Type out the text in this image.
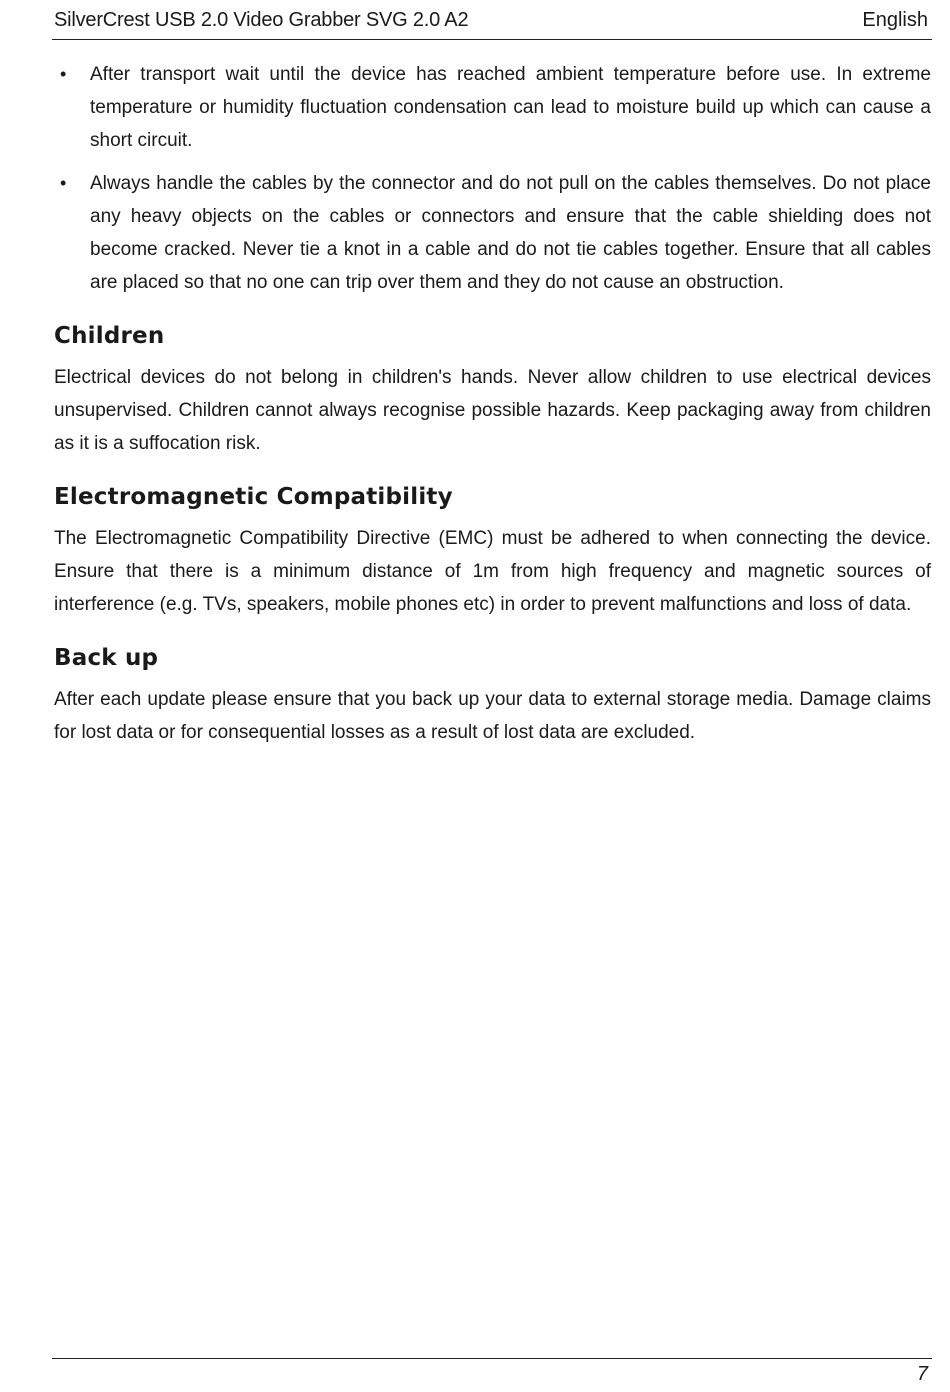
SilverCrest USB 2.0 Video Grabber SVG 2.0 A2	English
• After transport wait until the device has reached ambient temperature before use. In extreme temperature or humidity fluctuation condensation can lead to moisture build up which can cause a short circuit.
• Always handle the cables by the connector and do not pull on the cables themselves. Do not place any heavy objects on the cables or connectors and ensure that the cable shielding does not become cracked. Never tie a knot in a cable and do not tie cables together. Ensure that all cables are placed so that no one can trip over them and they do not cause an obstruction.
Children

Electrical devices do not belong in children's hands. Never allow children to use electrical devices unsupervised. Children cannot always recognise possible hazards. Keep packaging away from children as it is a suffocation risk.

Electromagnetic Compatibility

The Electromagnetic Compatibility Directive (EMC) must be adhered to when connecting the device. Ensure that there is a minimum distance of 1m from high frequency and magnetic sources of interference (e.g. TVs, speakers, mobile phones etc) in order to prevent malfunctions and loss of data.

Back up

After each update please ensure that you back up your data to external storage media. Damage claims for lost data or for consequential losses as a result of lost data are excluded.

7
